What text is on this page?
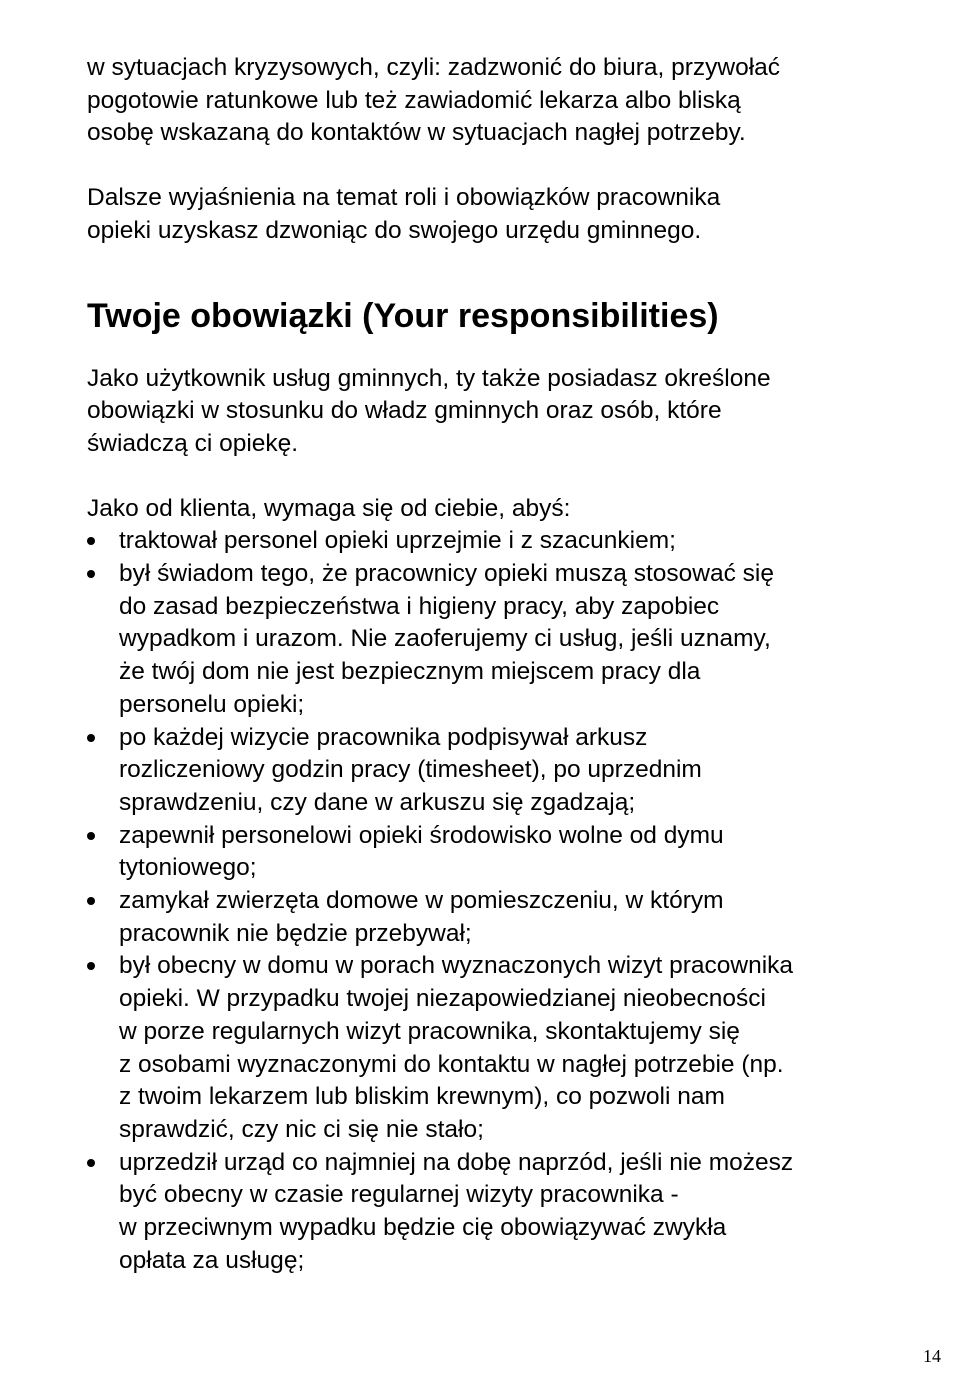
w sytuacjach kryzysowych, czyli: zadzwonić do biura, przywołać

pogotowie ratunkowe lub też zawiadomić lekarza albo bliską

osobę wskazaną do kontaktów w sytuacjach nagłej potrzeby.

Dalsze wyjaśnienia na temat roli i obowiązków pracownika

opieki uzyskasz dzwoniąc do swojego urzędu gminnego.

Twoje obowiązki (Your responsibilities)

Jako użytkownik usług gminnych, ty także posiadasz określone

obowiązki w stosunku do władz gminnych oraz osób, które

świadczą ci opiekę.

Jako od klienta, wymaga się od ciebie, abyś:

traktował personel opieki uprzejmie i z szacunkiem;

był świadom tego, że pracownicy opieki muszą stosować się

do zasad bezpieczeństwa i higieny pracy, aby zapobiec

wypadkom i urazom. Nie zaoferujemy ci usług, jeśli uznamy,

że twój dom nie jest bezpiecznym miejscem pracy dla

personelu opieki;

po każdej wizycie pracownika podpisywał arkusz

rozliczeniowy godzin pracy (timesheet), po uprzednim

sprawdzeniu, czy dane w arkuszu się zgadzają;

zapewnił personelowi opieki środowisko wolne od dymu

tytoniowego;

zamykał zwierzęta domowe w pomieszczeniu, w którym

pracownik nie będzie przebywał;

był obecny w domu w porach wyznaczonych wizyt pracownika

opieki. W przypadku twojej niezapowiedzianej nieobecności

w porze regularnych wizyt pracownika, skontaktujemy się

z osobami wyznaczonymi do kontaktu w nagłej potrzebie (np.

z twoim lekarzem lub bliskim krewnym), co pozwoli nam

sprawdzić, czy nic ci się nie stało;

uprzedził urząd co najmniej na dobę naprzód, jeśli nie możesz

być obecny w czasie regularnej wizyty pracownika -

w przeciwnym wypadku będzie cię obowiązywać zwykła

opłata za usługę;

14
